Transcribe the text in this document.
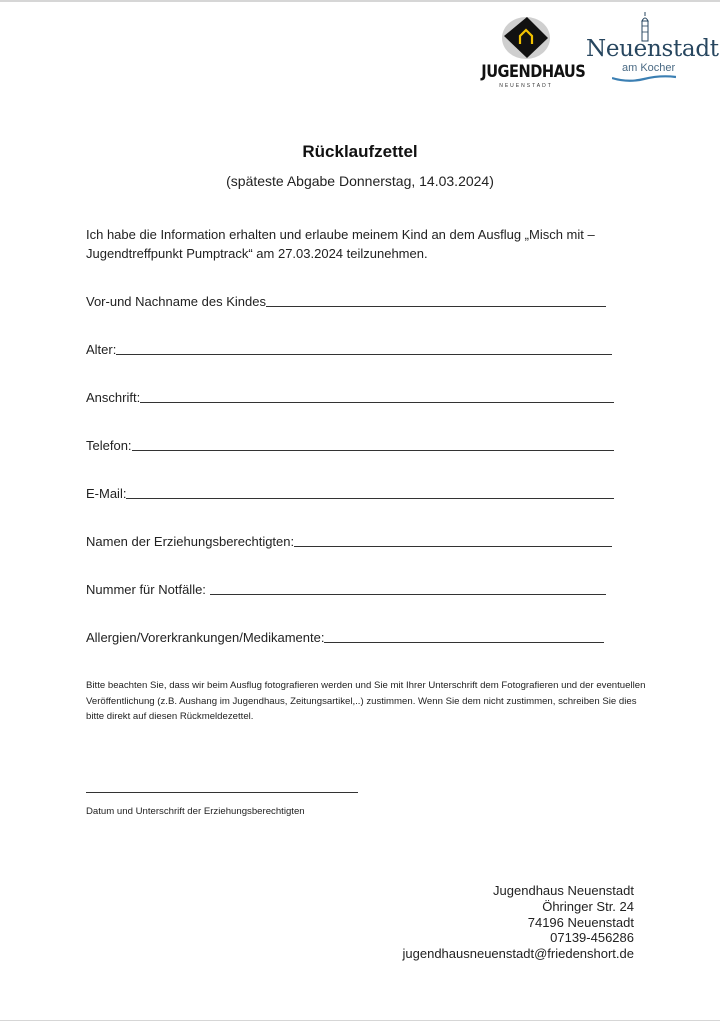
JUGENDHAUS
NEUENSTADT
Neuenstadt
am Kocher
Rücklaufzettel
(späteste Abgabe Donnerstag, 14.03.2024)
Ich habe die Information erhalten und erlaube meinem Kind an dem Ausflug „Misch mit – Jugendtreffpunkt Pumptrack“ am 27.03.2024 teilzunehmen.
Vor-und Nachname des Kindes
Alter:
Anschrift:
Telefon:
E-Mail:
Namen der Erziehungsberechtigten:
Nummer für Notfälle:
Allergien/Vorerkrankungen/Medikamente:
Bitte beachten Sie, dass wir beim Ausflug fotografieren werden und Sie mit Ihrer Unterschrift dem Fotografieren und der eventuellen Veröffentlichung (z.B. Aushang im Jugendhaus, Zeitungsartikel,..) zustimmen. Wenn Sie dem nicht zustimmen, schreiben Sie dies bitte direkt auf diesen Rückmeldezettel.
Datum und Unterschrift der Erziehungsberechtigten
Jugendhaus Neuenstadt
Öhringer Str. 24
74196 Neuenstadt
07139-456286
jugendhausneuenstadt@friedenshort.de
